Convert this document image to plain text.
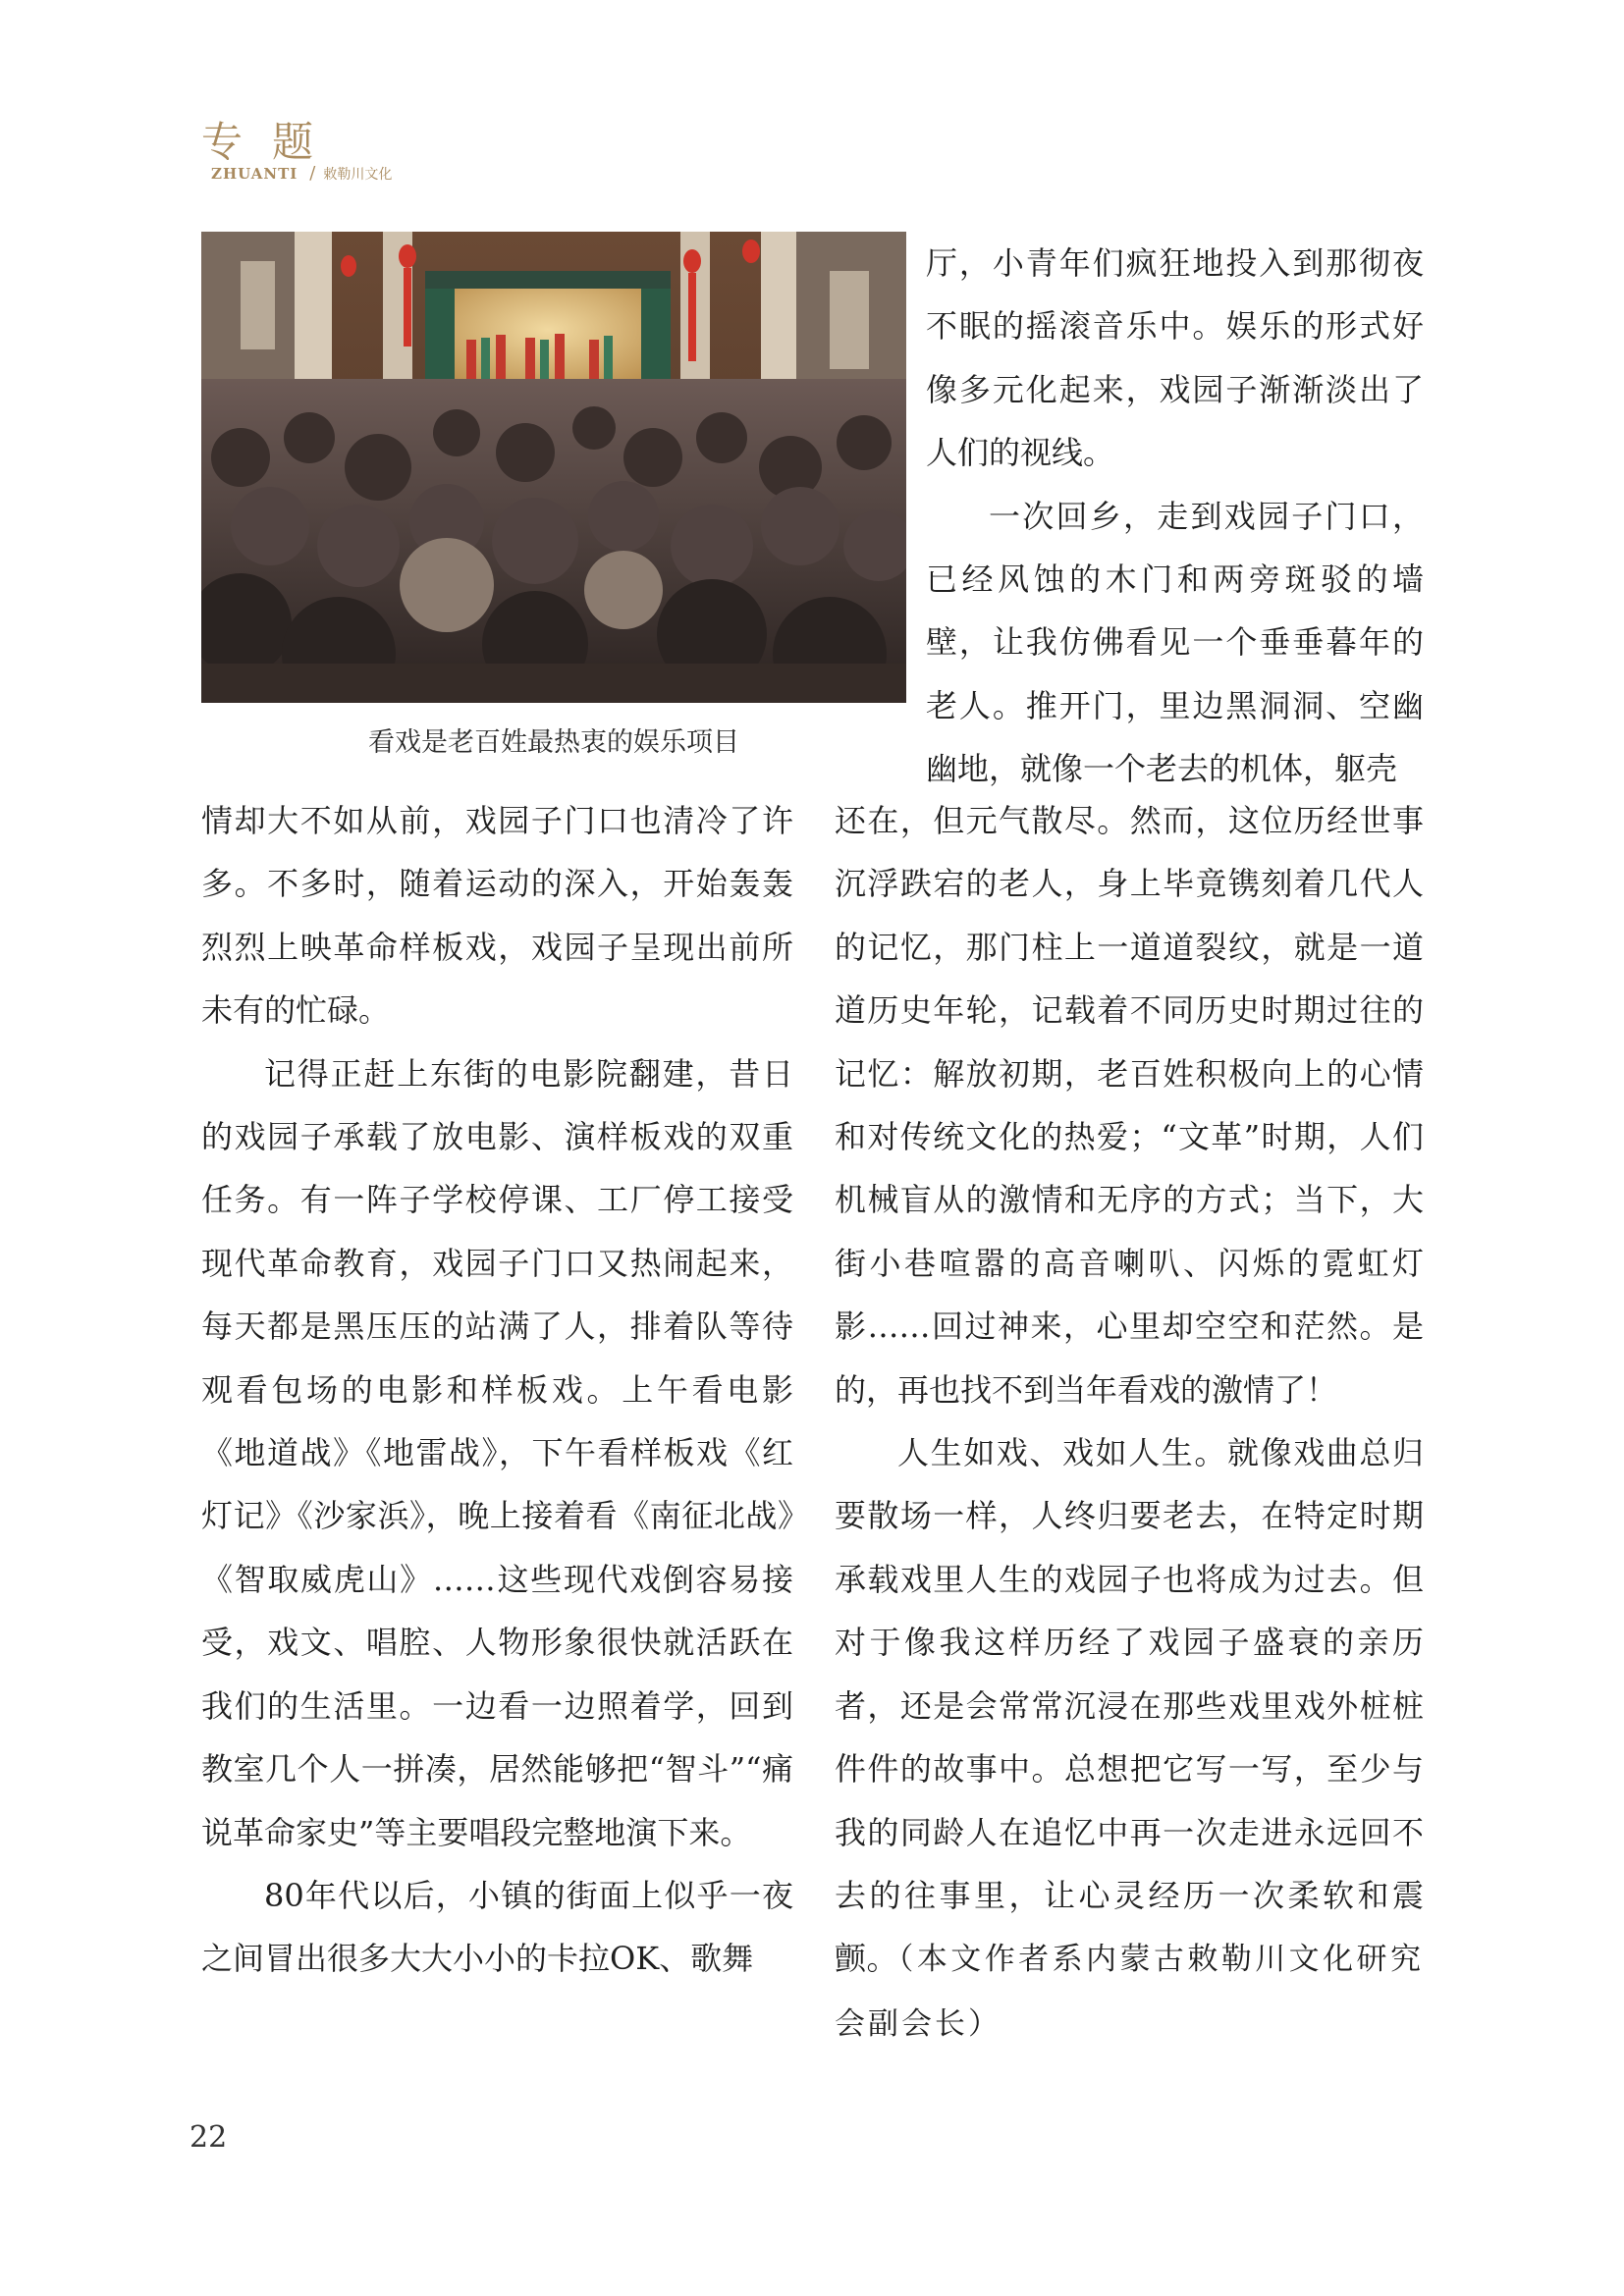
专题
ZHUANTI / 敕勒川文化
看戏是老百姓最热衷的娱乐项目

厅，小青年们疯狂地投入到那彻夜不眠的摇滚音乐中。娱乐的形式好像多元化起来，戏园子渐渐淡出了人们的视线。

一次回乡，走到戏园子门口，已经风蚀的木门和两旁斑驳的墙壁，让我仿佛看见一个垂垂暮年的老人。推开门，里边黑洞洞、空幽幽地，就像一个老去的机体，躯壳

情却大不如从前，戏园子门口也清冷了许多。不多时，随着运动的深入，开始轰轰烈烈上映革命样板戏，戏园子呈现出前所未有的忙碌。

记得正赶上东街的电影院翻建，昔日的戏园子承载了放电影、演样板戏的双重任务。有一阵子学校停课、工厂停工接受现代革命教育，戏园子门口又热闹起来，每天都是黑压压的站满了人，排着队等待观看包场的电影和样板戏。上午看电影《地道战》《地雷战》，下午看样板戏《红灯记》《沙家浜》，晚上接着看《南征北战》《智取威虎山》……这些现代戏倒容易接受，戏文、唱腔、人物形象很快就活跃在我们的生活里。一边看一边照着学，回到教室几个人一拼凑，居然能够把“智斗”“痛说革命家史”等主要唱段完整地演下来。

80年代以后，小镇的街面上似乎一夜之间冒出很多大大小小的卡拉OK、歌舞

还在，但元气散尽。然而，这位历经世事沉浮跌宕的老人，身上毕竟镌刻着几代人的记忆，那门柱上一道道裂纹，就是一道道历史年轮，记载着不同历史时期过往的记忆：解放初期，老百姓积极向上的心情和对传统文化的热爱；“文革”时期，人们机械盲从的激情和无序的方式；当下，大街小巷喧嚣的高音喇叭、闪烁的霓虹灯影……回过神来，心里却空空和茫然。是的，再也找不到当年看戏的激情了！

人生如戏、戏如人生。就像戏曲总归要散场一样，人终归要老去，在特定时期承载戏里人生的戏园子也将成为过去。但对于像我这样历经了戏园子盛衰的亲历者，还是会常常沉浸在那些戏里戏外桩桩件件的故事中。总想把它写一写，至少与我的同龄人在追忆中再一次走进永远回不去的往事里，让心灵经历一次柔软和震颤。（本文作者系内蒙古敕勒川文化研究会副会长）

22
